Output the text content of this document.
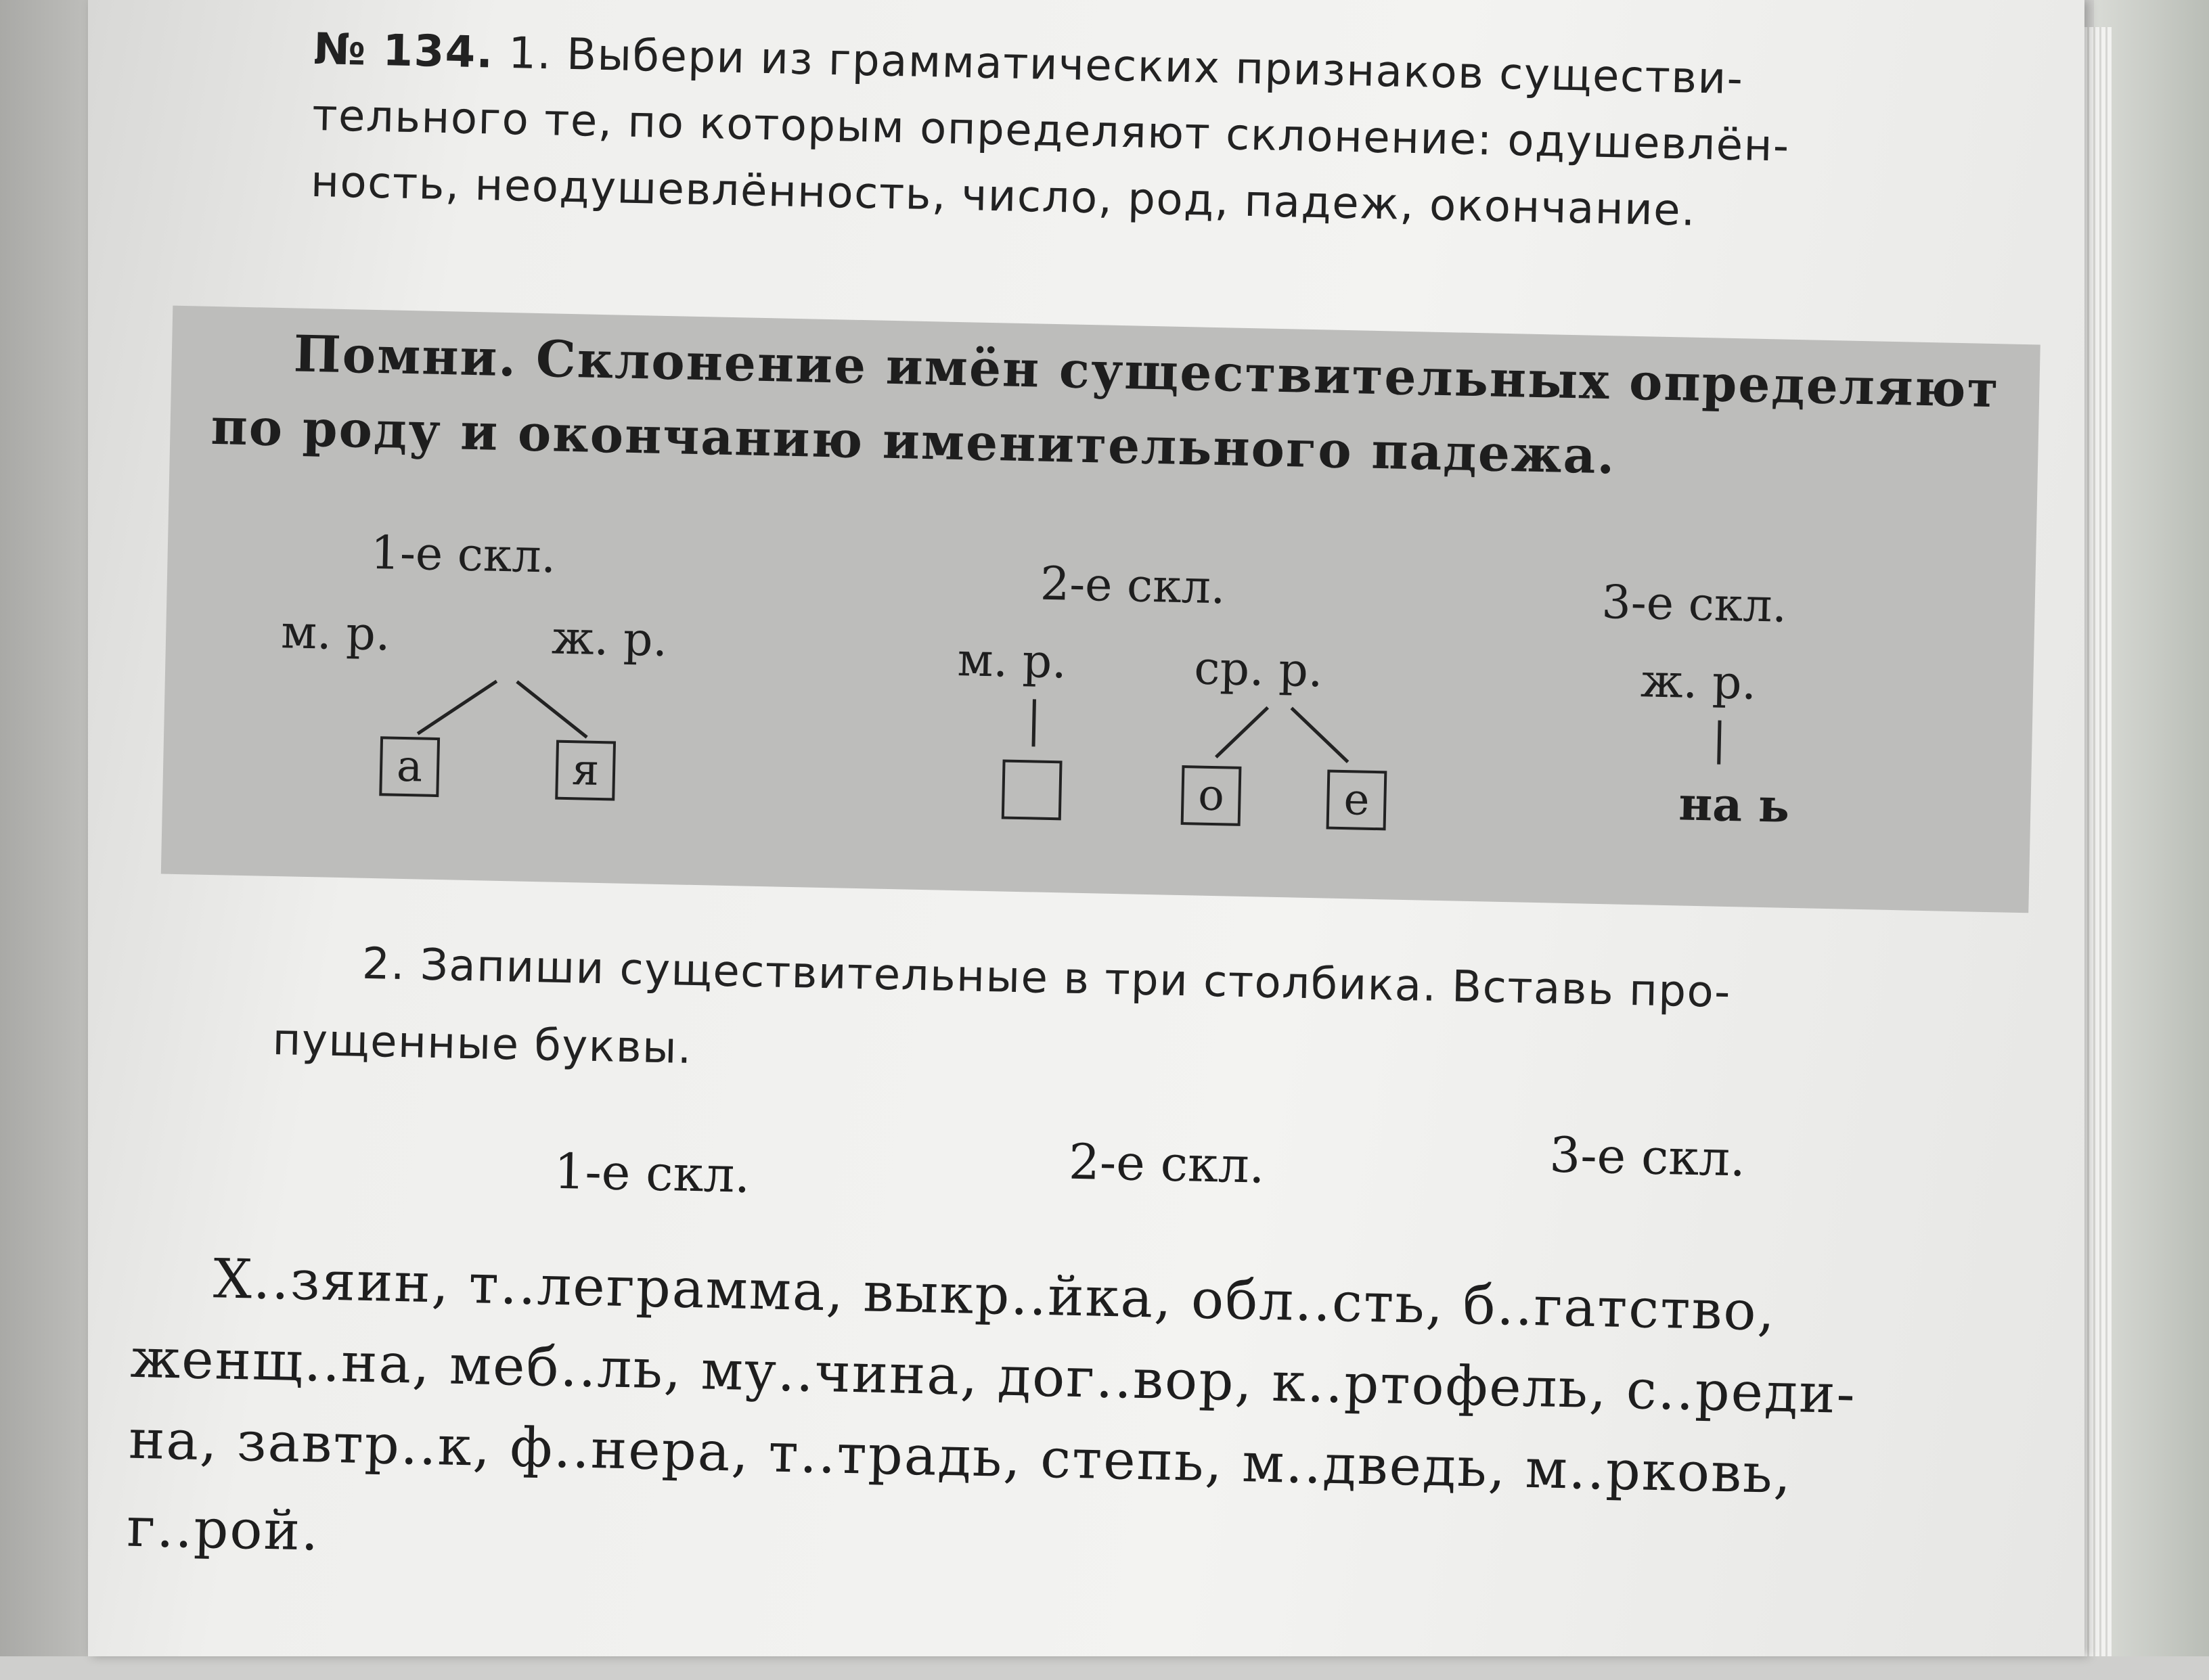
№ 134. 1. Выбери из грамматических признаков существи-
тельного те, по которым определяют склонение: одушевлён-
ность, неодушевлённость, число, род, падеж, окончание.
Помни. Склонение имён существительных определяют
по роду и окончанию именительного падежа.
1-е скл.
м. р.	ж. р.
а	я
2-е скл.
м. р.	ср. р.
о	е
3-е скл.
ж. р.
на ь
2. Запиши существительные в три столбика. Вставь про-
пущенные буквы.
1-е скл.	2-е скл.	3-е скл.
Х..зяин, т..леграмма, выкр..йка, обл..сть, б..гатство,
женщ..на, меб..ль, му..чина, дог..вор, к..ртофель, с..реди-
на, завтр..к, ф..нера, т..традь, степь, м..дведь, м..рковь,
г..рой.
